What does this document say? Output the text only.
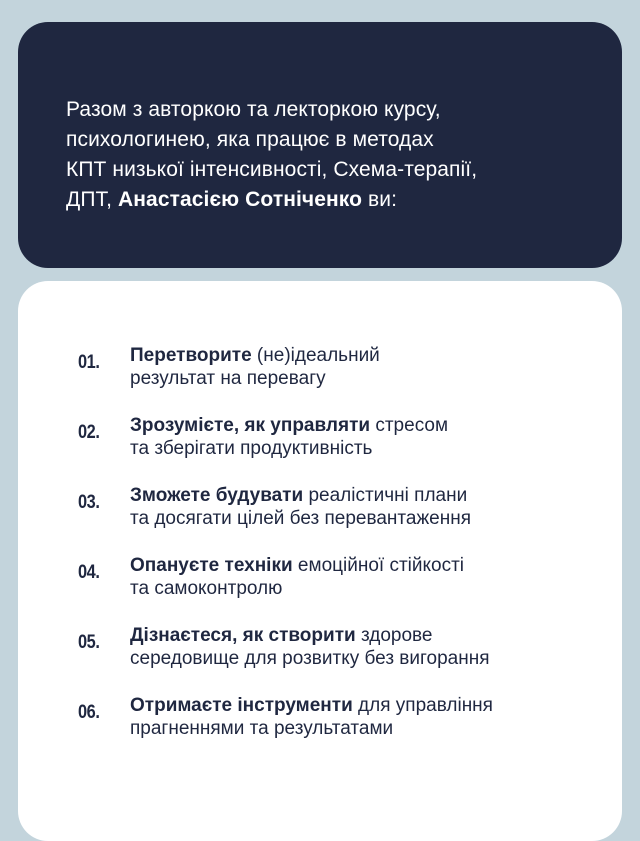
Разом з авторкою та лекторкою курсу,
психологинею, яка працює в методах
КПТ низької інтенсивності, Схема-терапії,
ДПТ, Анастасією Сотніченко ви:

01. Перетворите (не)ідеальний
результат на перевагу
02. Зрозумієте, як управляти стресом
та зберігати продуктивність
03. Зможете будувати реалістичні плани
та досягати цілей без перевантаження
04. Опануєте техніки емоційної стійкості
та самоконтролю
05. Дізнаєтеся, як створити здорове
середовище для розвитку без вигорання
06. Отримаєте інструменти для управління
прагненнями та результатами
